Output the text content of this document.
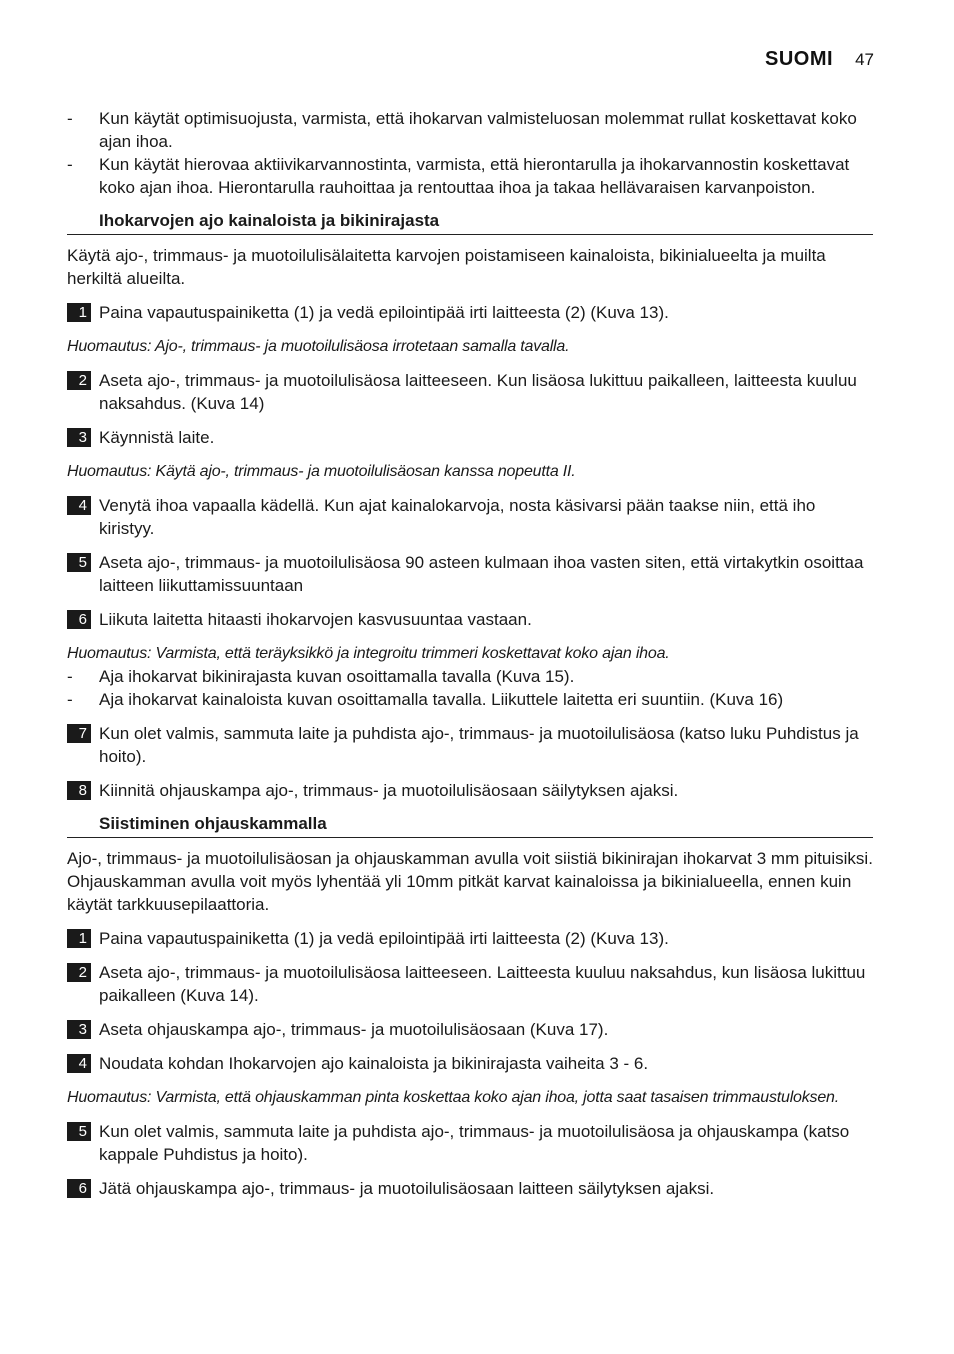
SUOMI 47
- Kun käytät optimisuojusta, varmista, että ihokarvan valmisteluosan molemmat rullat koskettavat koko ajan ihoa.
- Kun käytät hierovaa aktiivikarvannostinta, varmista, että hierontarulla ja ihokarvannostin koskettavat koko ajan ihoa. Hierontarulla rauhoittaa ja rentouttaa ihoa ja takaa hellävaraisen karvanpoiston.
Ihokarvojen ajo kainaloista ja bikinirajasta
Käytä ajo-, trimmaus- ja muotoilulisälaitetta karvojen poistamiseen kainaloista, bikinialueelta ja muilta herkiltä alueilta.
1 Paina vapautuspainiketta (1) ja vedä epilointipää irti laitteesta (2) (Kuva 13).
Huomautus: Ajo-, trimmaus- ja muotoilulisäosa irrotetaan samalla tavalla.
2 Aseta ajo-, trimmaus- ja muotoilulisäosa laitteeseen. Kun lisäosa lukittuu paikalleen, laitteesta kuuluu naksahdus. (Kuva 14)
3 Käynnistä laite.
Huomautus: Käytä ajo-, trimmaus- ja muotoilulisäosan kanssa nopeutta II.
4 Venytä ihoa vapaalla kädellä. Kun ajat kainalokarvoja, nosta käsivarsi pään taakse niin, että iho kiristyy.
5 Aseta ajo-, trimmaus- ja muotoilulisäosa 90 asteen kulmaan ihoa vasten siten, että virtakytkin osoittaa laitteen liikuttamissuuntaan
6 Liikuta laitetta hitaasti ihokarvojen kasvusuuntaa vastaan.
Huomautus: Varmista, että teräyksikkö ja integroitu trimmeri koskettavat koko ajan ihoa.
- Aja ihokarvat bikinirajasta kuvan osoittamalla tavalla (Kuva 15).
- Aja ihokarvat kainaloista kuvan osoittamalla tavalla. Liikuttele laitetta eri suuntiin. (Kuva 16)
7 Kun olet valmis, sammuta laite ja puhdista ajo-, trimmaus- ja muotoilulisäosa (katso luku Puhdistus ja hoito).
8 Kiinnitä ohjauskampa ajo-, trimmaus- ja muotoilulisäosaan säilytyksen ajaksi.
Siistiminen ohjauskammalla
Ajo-, trimmaus- ja muotoilulisäosan ja ohjauskamman avulla voit siistiä bikinirajan ihokarvat 3 mm pituisiksi.
Ohjauskamman avulla voit myös lyhentää yli 10mm pitkät karvat kainaloissa ja bikinialueella, ennen kuin käytät tarkkuusepilaattoria.
1 Paina vapautuspainiketta (1) ja vedä epilointipää irti laitteesta (2) (Kuva 13).
2 Aseta ajo-, trimmaus- ja muotoilulisäosa laitteeseen. Laitteesta kuuluu naksahdus, kun lisäosa lukittuu paikalleen (Kuva 14).
3 Aseta ohjauskampa ajo-, trimmaus- ja muotoilulisäosaan (Kuva 17).
4 Noudata kohdan Ihokarvojen ajo kainaloista ja bikinirajasta vaiheita 3 - 6.
Huomautus: Varmista, että ohjauskamman pinta koskettaa koko ajan ihoa, jotta saat tasaisen trimmaustuloksen.
5 Kun olet valmis, sammuta laite ja puhdista ajo-, trimmaus- ja muotoilulisäosa ja ohjauskampa (katso kappale Puhdistus ja hoito).
6 Jätä ohjauskampa ajo-, trimmaus- ja muotoilulisäosaan laitteen säilytyksen ajaksi.
